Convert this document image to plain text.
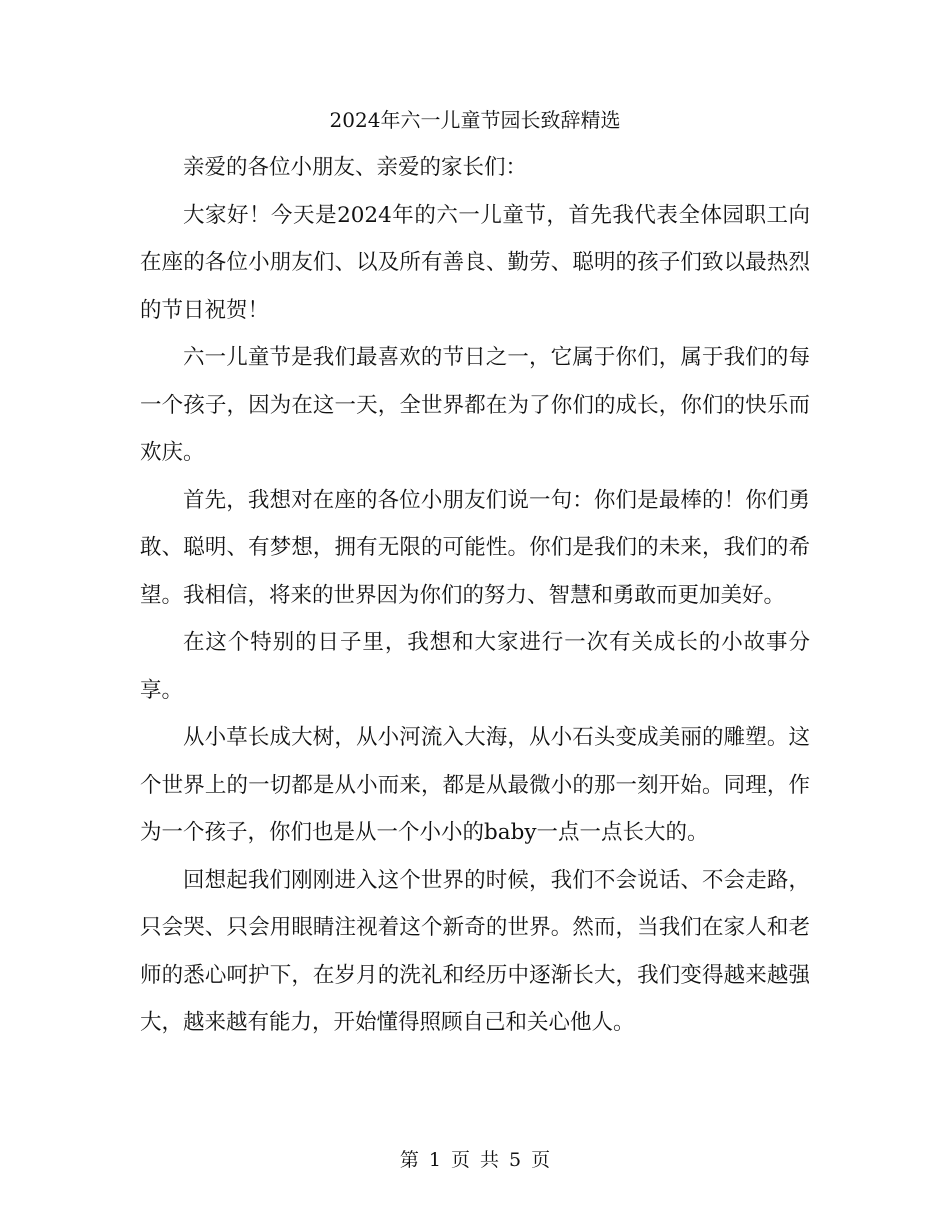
2024年六一儿童节园长致辞精选

亲爱的各位小朋友、亲爱的家长们：

大家好！今天是2024年的六一儿童节，首先我代表全体园职工向在座的各位小朋友们、以及所有善良、勤劳、聪明的孩子们致以最热烈的节日祝贺！

六一儿童节是我们最喜欢的节日之一，它属于你们，属于我们的每一个孩子，因为在这一天，全世界都在为了你们的成长，你们的快乐而欢庆。

首先，我想对在座的各位小朋友们说一句：你们是最棒的！你们勇敢、聪明、有梦想，拥有无限的可能性。你们是我们的未来，我们的希望。我相信，将来的世界因为你们的努力、智慧和勇敢而更加美好。

在这个特别的日子里，我想和大家进行一次有关成长的小故事分享。

从小草长成大树，从小河流入大海，从小石头变成美丽的雕塑。这个世界上的一切都是从小而来，都是从最微小的那一刻开始。同理，作为一个孩子，你们也是从一个小小的baby一点一点长大的。

回想起我们刚刚进入这个世界的时候，我们不会说话、不会走路，只会哭、只会用眼睛注视着这个新奇的世界。然而，当我们在家人和老师的悉心呵护下，在岁月的洗礼和经历中逐渐长大，我们变得越来越强大，越来越有能力，开始懂得照顾自己和关心他人。

第 1 页 共 5 页
